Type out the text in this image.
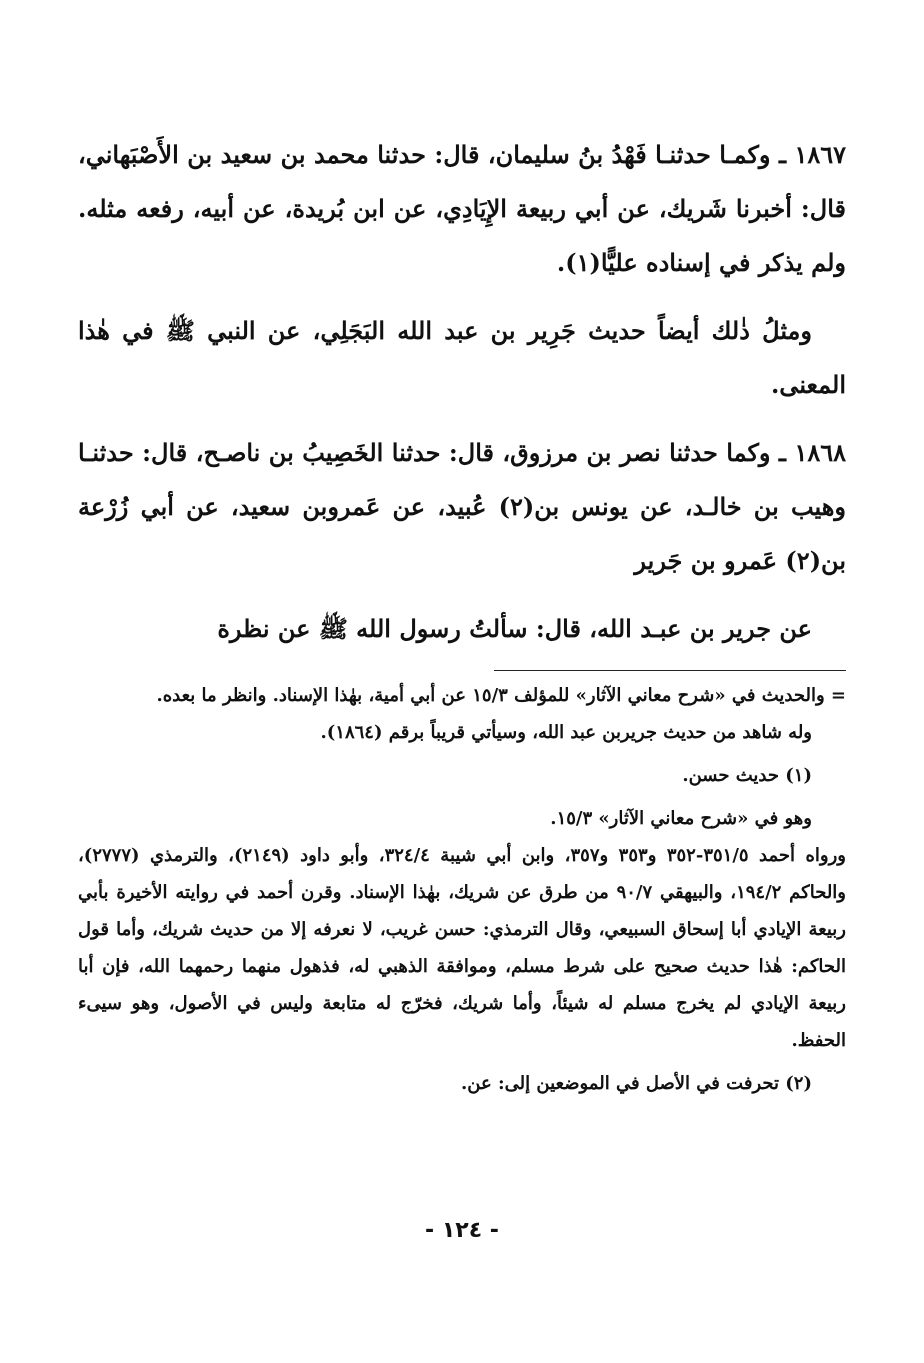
١٨٦٧ ـ وكمـا حدثنـا فَهْدُ بنُ سليمان، قال: حدثنا محمد بن سعيد بن الأَصْبَهاني، قال: أخبرنا شَريك، عن أبي ربيعة الإِيَادِي، عن ابن بُريدة، عن أبيه، رفعه مثله. ولم يذكر في إسناده عليًّا(١).

ومثلُ ذٰلك أيضاً حديث جَرِير بن عبد الله البَجَلِي، عن النبي ﷺ في هٰذا المعنى.

١٨٦٨ ـ وكما حدثنا نصر بن مرزوق، قال: حدثنا الخَصِيبُ بن ناصـح، قال: حدثنـا وهيب بن خالـد، عن يونس بن(٢) عُبيد، عن عَمروبن سعيد، عن أبي زُرْعة بن(٢) عَمرو بن جَرير

عن جرير بن عبـد الله، قال: سألتُ رسول الله ﷺ عن نظرة

= والحديث في «شرح معاني الآثار» للمؤلف ١٥/٣ عن أبي أمية، بهٰذا الإسناد. وانظر ما بعده.

وله شاهد من حديث جريربن عبد الله، وسيأتي قريباً برقم (١٨٦٤).

(١) حديث حسن.

وهو في «شرح معاني الآثار» ١٥/٣.

ورواه أحمد ٣٥١/٥-٣٥٢ و٣٥٣ و٣٥٧، وابن أبي شيبة ٣٢٤/٤، وأبو داود (٢١٤٩)، والترمذي (٢٧٧٧)، والحاكم ١٩٤/٢، والبيهقي ٩٠/٧ من طرق عن شريك، بهٰذا الإسناد. وقرن أحمد في روايته الأخيرة بأبي ربيعة الإيادي أبا إسحاق السبيعي، وقال الترمذي: حسن غريب، لا نعرفه إلا من حديث شريك، وأما قول الحاكم: هٰذا حديث صحيح على شرط مسلم، وموافقة الذهبي له، فذهول منهما رحمهما الله، فإن أبا ربيعة الإيادي لم يخرج مسلم له شيئاً، وأما شريك، فخرّج له متابعة وليس في الأصول، وهو سيىء الحفظ.

(٢) تحرفت في الأصل في الموضعين إلى: عن.

- ١٢٤ -
